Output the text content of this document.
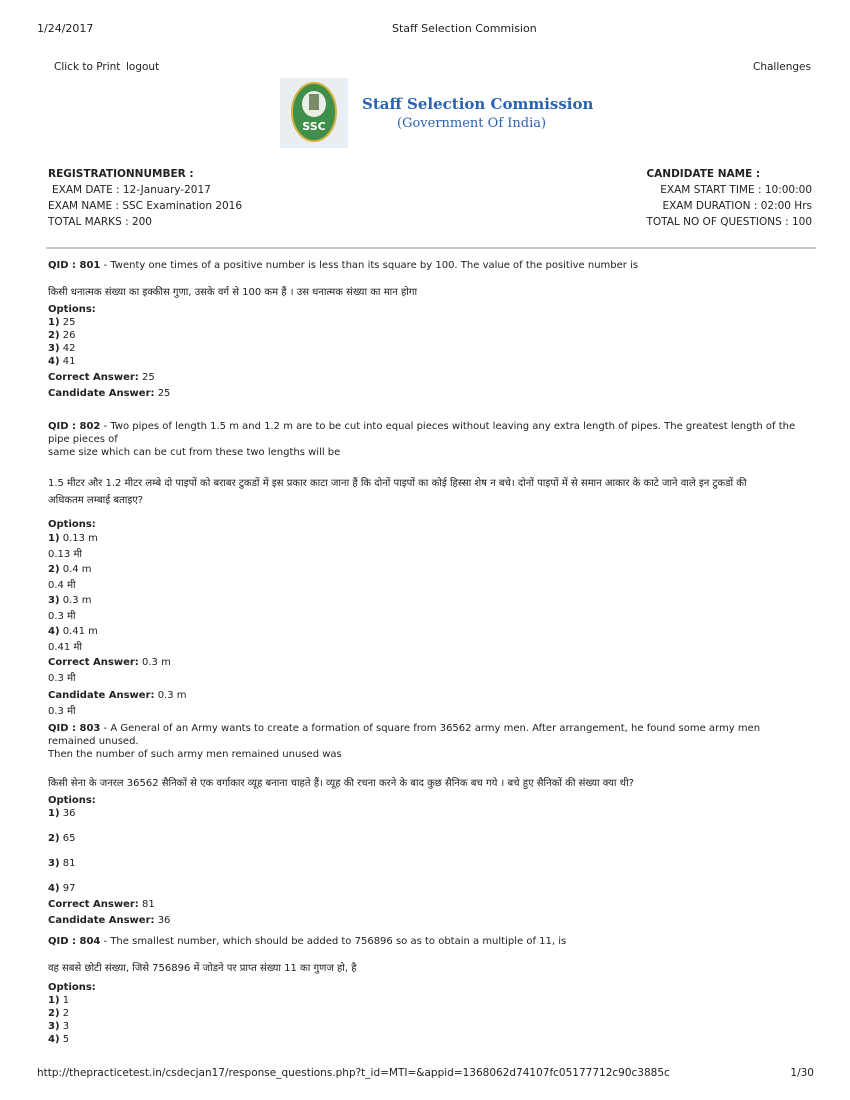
1/24/2017	Staff Selection Commision
Click to Print logout	Challenges
SSC
Staff Selection Commission
(Government Of India)
REGISTRATIONNUMBER :
EXAM DATE : 12-January-2017
EXAM NAME : SSC Examination 2016
TOTAL MARKS : 200
CANDIDATE NAME :
EXAM START TIME : 10:00:00
EXAM DURATION : 02:00 Hrs
TOTAL NO OF QUESTIONS : 100
QID : 801 - Twenty one times of a positive number is less than its square by 100. The value of the positive number is
किसी धनात्मक संख्या का इक्कीस गुणा, उसके वर्ग से 100 कम हैं । उस धनात्मक संख्या का मान होगा
Options:
1) 25
2) 26
3) 42
4) 41
Correct Answer: 25
Candidate Answer: 25
QID : 802 - Two pipes of length 1.5 m and 1.2 m are to be cut into equal pieces without leaving any extra length of pipes. The greatest length of the pipe pieces of
same size which can be cut from these two lengths will be
1.5 मीटर और 1.2 मीटर लम्बे दो पाइपों को बराबर टुकडों में इस प्रकार काटा जाना हैं कि दोनों पाइपों का कोई हिस्सा शेष न बचे। दोनों पाइपों में से समान आकार के काटे जाने वाले इन टुकडों की
अधिकतम लम्बाई बताइए?
Options:
1) 0.13 m
0.13 मी
2) 0.4 m
0.4 मी
3) 0.3 m
0.3 मी
4) 0.41 m
0.41 मी
Correct Answer: 0.3 m
0.3 मी
Candidate Answer: 0.3 m
0.3 मी
QID : 803 - A General of an Army wants to create a formation of square from 36562 army men. After arrangement, he found some army men remained unused.
Then the number of such army men remained unused was
किसी सेना के जनरल 36562 सैनिकों से एक वर्गाकार व्यूह बनाना चाहते हैं। व्यूह की रचना करने के बाद कुछ सैनिक बच गये । बचे हुए सैनिकों की संख्या क्या थी?
Options:
1) 36
2) 65
3) 81
4) 97
Correct Answer: 81
Candidate Answer: 36
QID : 804 - The smallest number, which should be added to 756896 so as to obtain a multiple of 11, is
वह सबसे छोटी संख्या, जिसे 756896 में जोडने पर प्राप्त संख्या 11 का गुणज हो, है
Options:
1) 1
2) 2
3) 3
4) 5
http://thepracticetest.in/csdecjan17/response_questions.php?t_id=MTI=&appid=1368062d74107fc05177712c90c3885c	1/30
